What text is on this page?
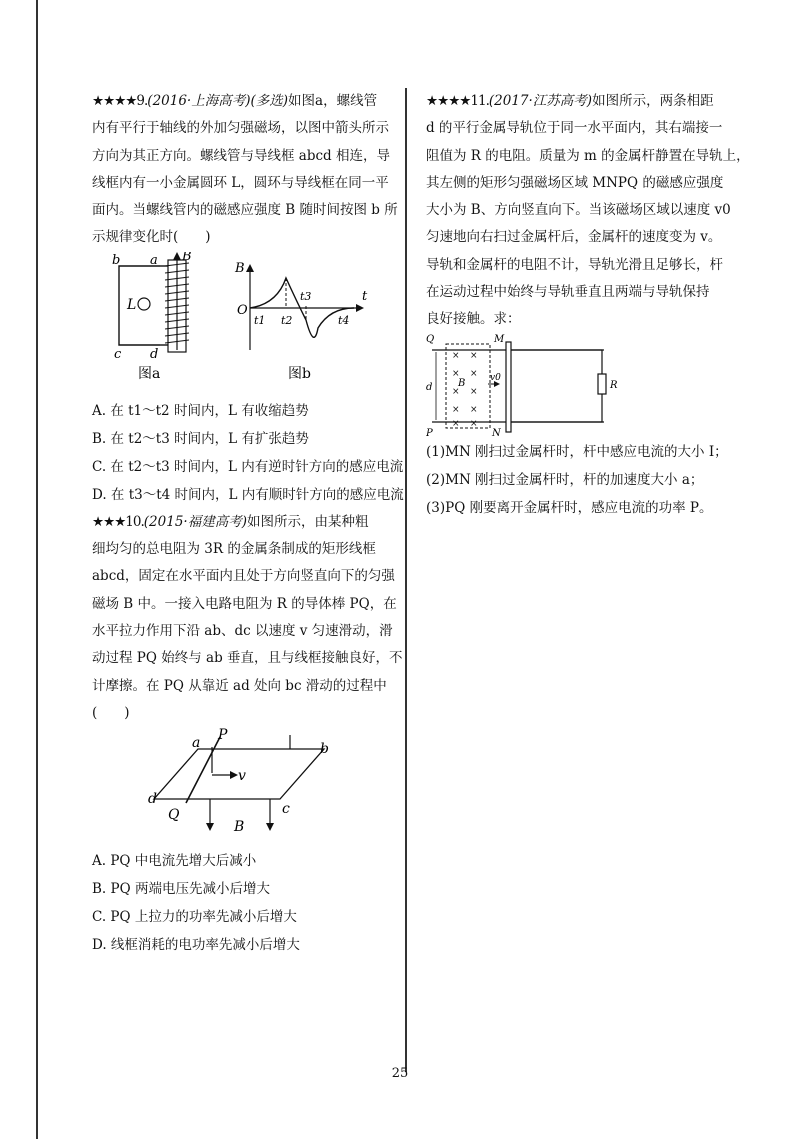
★★★★9.(2016·上海高考)(多选)如图a，螺线管
内有平行于轴线的外加匀强磁场，以图中箭头所示
方向为其正方向。螺线管与导线框 abcd 相连，导
线框内有一小金属圆环 L，圆环与导线框在同一平
面内。当螺线管内的磁感应强度 B 随时间按图 b 所
示规律变化时(　　)
b a B
L
c d
图a
B
O
t
t1 t2
t3
t4
图b
A. 在 t1～t2 时间内，L 有收缩趋势
B. 在 t2～t3 时间内，L 有扩张趋势
C. 在 t2～t3 时间内，L 内有逆时针方向的感应电流
D. 在 t3～t4 时间内，L 内有顺时针方向的感应电流
★★★10.(2015·福建高考)如图所示，由某种粗
细均匀的总电阻为 3R 的金属条制成的矩形线框
abcd，固定在水平面内且处于方向竖直向下的匀强
磁场 B 中。一接入电路电阻为 R 的导体棒 PQ，在
水平拉力作用下沿 ab、dc 以速度 v 匀速滑动，滑
动过程 PQ 始终与 ab 垂直，且与线框接触良好，不
计摩擦。在 PQ 从靠近 ad 处向 bc 滑动的过程中
(　　)
a P
b
v
d
Q
B
c
A. PQ 中电流先增大后减小
B. PQ 两端电压先减小后增大
C. PQ 上拉力的功率先减小后增大
D. 线框消耗的电功率先减小后增大
★★★★11.(2017·江苏高考)如图所示，两条相距
d 的平行金属导轨位于同一水平面内，其右端接一
阻值为 R 的电阻。质量为 m 的金属杆静置在导轨上，
其左侧的矩形匀强磁场区域 MNPQ 的磁感应强度
大小为 B、方向竖直向下。当该磁场区域以速度 v0
匀速地向右扫过金属杆后，金属杆的速度变为 v。
导轨和金属杆的电阻不计，导轨光滑且足够长，杆
在运动过程中始终与导轨垂直且两端与导轨保持
良好接触。求：
× ×
× ×
× ×
× ×
× ×
Q	M
B	v0
d	R
P	N
(1)MN 刚扫过金属杆时，杆中感应电流的大小 I；
(2)MN 刚扫过金属杆时，杆的加速度大小 a；
(3)PQ 刚要离开金属杆时，感应电流的功率 P。
25
